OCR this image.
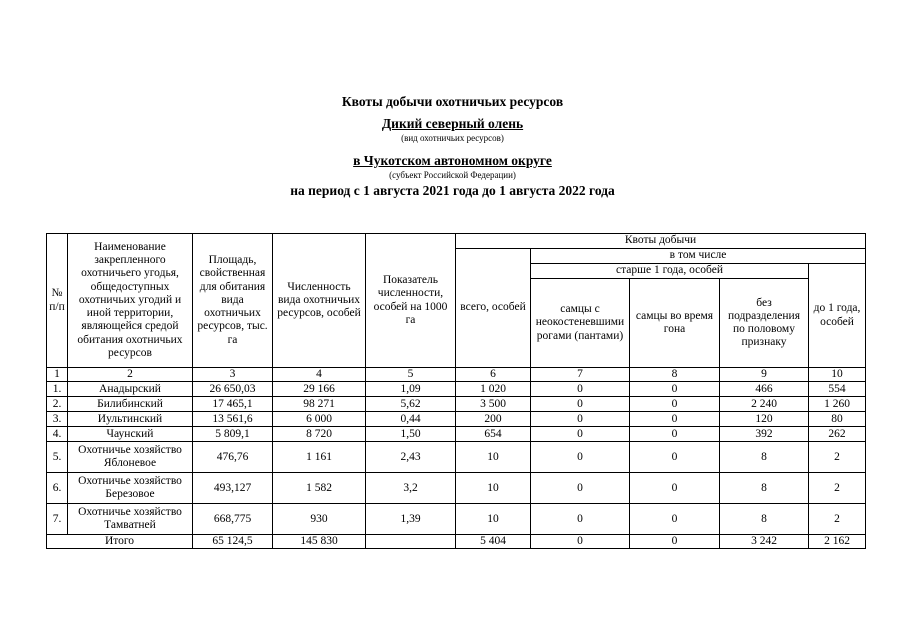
Квоты добычи охотничьих ресурсов
Дикий северный олень
(вид охотничьих ресурсов)
в Чукотском автономном округе
(субъект Российской Федерации)
на период с 1 августа 2021 года до 1 августа 2022 года
№ п/п	Наименование закрепленного охотничьего угодья, общедоступных охотничьих угодий и иной территории, являющейся средой обитания охотничьих ресурсов	Площадь, свойственная для обитания вида охотничьих ресурсов, тыс. га	Численность вида охотничьих ресурсов, особей	Показатель численности, особей на 1000 га	Квоты добычи				
					всего, особей	в том числе			
						старше 1 года, особей			до 1 года, особей
						самцы с неокостеневшими рогами (пантами)	самцы во время гона	без подразделения по половому признаку	
1	2	3	4	5	6	7	8	9	10
1.	Анадырский	26 650,03	29 166	1,09	1 020	0	0	466	554
2.	Билибинский	17 465,1	98 271	5,62	3 500	0	0	2 240	1 260
3.	Иультинский	13 561,6	6 000	0,44	200	0	0	120	80
4.	Чаунский	5 809,1	8 720	1,50	654	0	0	392	262
5.	Охотничье хозяйство Яблоневое	476,76	1 161	2,43	10	0	0	8	2
6.	Охотничье хозяйство Березовое	493,127	1 582	3,2	10	0	0	8	2
7.	Охотничье хозяйство Тамватней	668,775	930	1,39	10	0	0	8	2
Итого		65 124,5	145 830		5 404	0	0	3 242	2 162
